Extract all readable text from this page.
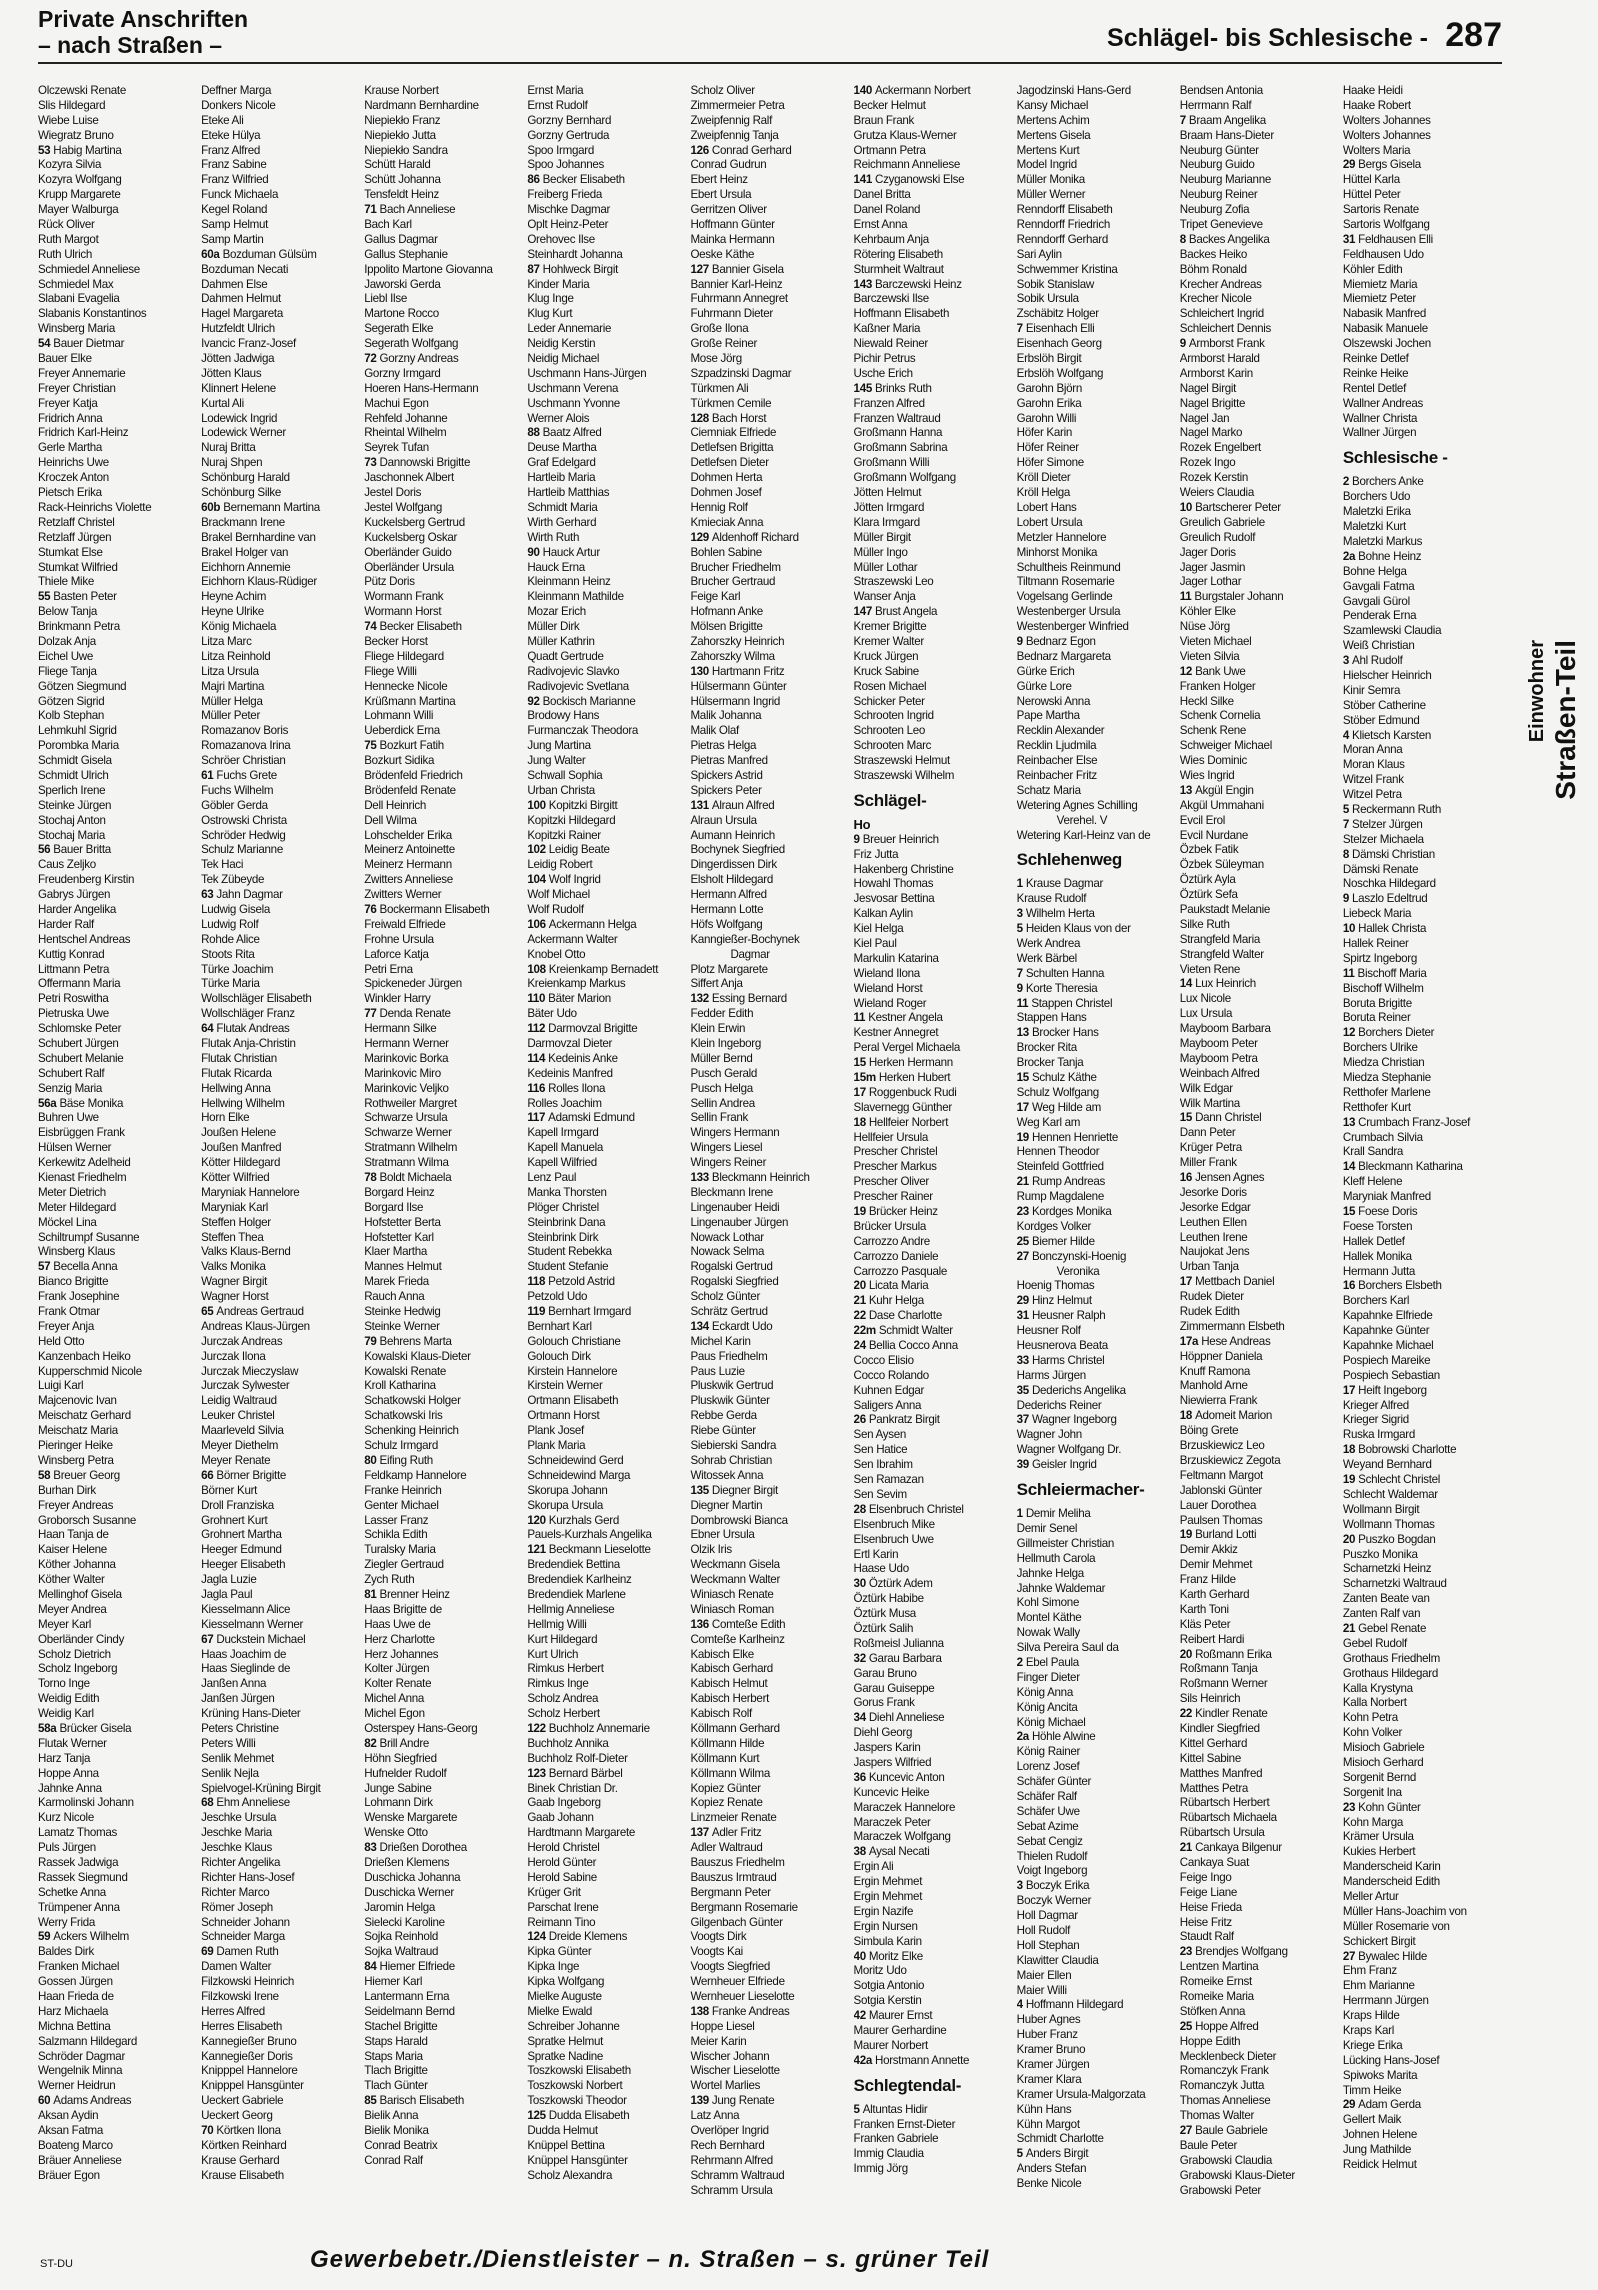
Private Anschriften
– nach Straßen –	Schlägel- bis Schlesische - 287
Olczewski Renate
Slis Hildegard
Wiebe Luise
Wiegratz Bruno
53 Habig Martina
Kozyra Silvia
Kozyra Wolfgang
Krupp Margarete
Mayer Walburga
Rück Oliver
Ruth Margot
Ruth Ulrich
Schmiedel Anneliese
Schmiedel Max
Slabani Evagelia
Slabanis Konstantinos
Winsberg Maria
54 Bauer Dietmar
Bauer Elke
Freyer Annemarie
Freyer Christian
Freyer Katja
Fridrich Anna
Fridrich Karl-Heinz
Gerle Martha
Heinrichs Uwe
Kroczek Anton
Pietsch Erika
Rack-Heinrichs Violette
Retzlaff Christel
Retzlaff Jürgen
Stumkat Else
Stumkat Wilfried
Thiele Mike
55 Basten Peter
Below Tanja
Brinkmann Petra
Dolzak Anja
Eichel Uwe
Fliege Tanja
Götzen Siegmund
Götzen Sigrid
Kolb Stephan
Lehmkuhl Sigrid
Porombka Maria
Schmidt Gisela
Schmidt Ulrich
Sperlich Irene
Steinke Jürgen
Stochaj Anton
Stochaj Maria
56 Bauer Britta
Caus Zeljko
Freudenberg Kirstin
Gabrys Jürgen
Harder Angelika
Harder Ralf
Hentschel Andreas
Kuttig Konrad
Littmann Petra
Offermann Maria
Petri Roswitha
Pietruska Uwe
Schlomske Peter
Schubert Jürgen
Schubert Melanie
Schubert Ralf
Senzig Maria
56a Bäse Monika
Buhren Uwe
Eisbrüggen Frank
Hülsen Werner
Kerkewitz Adelheid
Kienast Friedhelm
Meter Dietrich
Meter Hildegard
Möckel Lina
Schiltrumpf Susanne
Winsberg Klaus
57 Becella Anna
Bianco Brigitte
Frank Josephine
Frank Otmar
Freyer Anja
Held Otto
Kanzenbach Heiko
Kupperschmid Nicole
Luigi Karl
Majcenovic Ivan
Meischatz Gerhard
Meischatz Maria
Pieringer Heike
Winsberg Petra
58 Breuer Georg
Burhan Dirk
Freyer Andreas
Groborsch Susanne
Haan Tanja de
Kaiser Helene
Köther Johanna
Köther Walter
Mellinghof Gisela
Meyer Andrea
Meyer Karl
Oberländer Cindy
Scholz Dietrich
Scholz Ingeborg
Torno Inge
Weidig Edith
Weidig Karl
58a Brücker Gisela
Flutak Werner
Harz Tanja
Hoppe Anna
Jahnke Anna
Karmolinski Johann
Kurz Nicole
Lamatz Thomas
Puls Jürgen
Rassek Jadwiga
Rassek Siegmund
Schetke Anna
Trümpener Anna
Werry Frida
59 Ackers Wilhelm
Baldes Dirk
Franken Michael
Gossen Jürgen
Haan Frieda de
Harz Michaela
Michna Bettina
Salzmann Hildegard
Schröder Dagmar
Wengelnik Minna
Werner Heidrun
60 Adams Andreas
Aksan Aydin
Aksan Fatma
Boateng Marco
Bräuer Anneliese
Bräuer Egon
Deffner Marga
Donkers Nicole
Eteke Ali
Eteke Hülya
Franz Alfred
Franz Sabine
Franz Wilfried
Funck Michaela
Kegel Roland
Samp Helmut
Samp Martin
60a Bozduman Gülsüm
Bozduman Necati
Dahmen Else
Dahmen Helmut
Hagel Margareta
Hutzfeldt Ulrich
Ivancic Franz-Josef
Jötten Jadwiga
Jötten Klaus
Klinnert Helene
Kurtal Ali
Lodewick Ingrid
Lodewick Werner
Nuraj Britta
Nuraj Shpen
Schönburg Harald
Schönburg Silke
60b Bernemann Martina
Brackmann Irene
Brakel Bernhardine van
Brakel Holger van
Eichhorn Annemie
Eichhorn Klaus-Rüdiger
Heyne Achim
Heyne Ulrike
König Michaela
Litza Marc
Litza Reinhold
Litza Ursula
Majri Martina
Müller Helga
Müller Peter
Romazanov Boris
Romazanova Irina
Schröer Christian
61 Fuchs Grete
Fuchs Wilhelm
Göbler Gerda
Ostrowski Christa
Schröder Hedwig
Schulz Marianne
Tek Haci
Tek Zübeyde
63 Jahn Dagmar
Ludwig Gisela
Ludwig Rolf
Rohde Alice
Stoots Rita
Türke Joachim
Türke Maria
Wollschläger Elisabeth
Wollschläger Franz
64 Flutak Andreas
Flutak Anja-Christin
Flutak Christian
Flutak Ricarda
Hellwing Anna
Hellwing Wilhelm
Horn Elke
Joußen Helene
Joußen Manfred
Kötter Hildegard
Kötter Wilfried
Maryniak Hannelore
Maryniak Karl
Steffen Holger
Steffen Thea
Valks Klaus-Bernd
Valks Monika
Wagner Birgit
Wagner Horst
65 Andreas Gertraud
Andreas Klaus-Jürgen
Jurczak Andreas
Jurczak Ilona
Jurczak Mieczyslaw
Jurczak Sylwester
Leidig Waltraud
Leuker Christel
Maarleveld Silvia
Meyer Diethelm
Meyer Renate
66 Börner Brigitte
Börner Kurt
Droll Franziska
Grohnert Kurt
Grohnert Martha
Heeger Edmund
Heeger Elisabeth
Jagla Luzie
Jagla Paul
Kiesselmann Alice
Kiesselmann Werner
67 Duckstein Michael
Haas Joachim de
Haas Sieglinde de
Janßen Anna
Janßen Jürgen
Krüning Hans-Dieter
Peters Christine
Peters Willi
Senlik Mehmet
Senlik Nejla
Spielvogel-Krüning Birgit
68 Ehm Anneliese
Jeschke Ursula
Jeschke Maria
Jeschke Klaus
Richter Angelika
Richter Hans-Josef
Richter Marco
Römer Joseph
Schneider Johann
Schneider Marga
69 Damen Ruth
Damen Walter
Filzkowski Heinrich
Filzkowski Irene
Herres Alfred
Herres Elisabeth
Kannegießer Bruno
Kannegießer Doris
Knipppel Hannelore
Knipppel Hansgünter
Ueckert Gabriele
Ueckert Georg
70 Körtken Ilona
Körtken Reinhard
Krause Gerhard
Krause Elisabeth
Krause Norbert
Nardmann Bernhardine
Niepiekło Franz
Niepiekło Jutta
Niepiekło Sandra
Schütt Harald
Schütt Johanna
Tensfeldt Heinz
71 Bach Anneliese
Bach Karl
Gallus Dagmar
Gallus Stephanie
Ippolito Martone Giovanna
Jaworski Gerda
Liebl Ilse
Martone Rocco
Segerath Elke
Segerath Wolfgang
72 Gorzny Andreas
Gorzny Irmgard
Hoeren Hans-Hermann
Machui Egon
Rehfeld Johanne
Rheintal Wilhelm
Seyrek Tufan
73 Dannowski Brigitte
Jaschonnek Albert
Jestel Doris
Jestel Wolfgang
Kuckelsberg Gertrud
Kuckelsberg Oskar
Oberländer Guido
Oberländer Ursula
Pütz Doris
Wormann Frank
Wormann Horst
74 Becker Elisabeth
Becker Horst
Fliege Hildegard
Fliege Willi
Hennecke Nicole
Krüßmann Martina
Lohmann Willi
Ueberdick Erna
75 Bozkurt Fatih
Bozkurt Sidika
Brödenfeld Friedrich
Brödenfeld Renate
Dell Heinrich
Dell Wilma
Lohschelder Erika
Meinerz Antoinette
Meinerz Hermann
Zwitters Anneliese
Zwitters Werner
76 Bockermann Elisabeth
Freiwald Elfriede
Frohne Ursula
Laforce Katja
Petri Erna
Spickeneder Jürgen
Winkler Harry
77 Denda Renate
Hermann Silke
Hermann Werner
Marinkovic Borka
Marinkovic Miro
Marinkovic Veljko
Rothweiler Margret
Schwarze Ursula
Schwarze Werner
Stratmann Wilhelm
Stratmann Wilma
78 Boldt Michaela
Borgard Heinz
Borgard Ilse
Hofstetter Berta
Hofstetter Karl
Klaer Martha
Mannes Helmut
Marek Frieda
Rauch Anna
Steinke Hedwig
Steinke Werner
79 Behrens Marta
Kowalski Klaus-Dieter
Kowalski Renate
Kroll Katharina
Schatkowski Holger
Schatkowski Iris
Schenking Heinrich
Schulz Irmgard
80 Eifing Ruth
Feldkamp Hannelore
Franke Heinrich
Genter Michael
Lasser Franz
Schikla Edith
Turalsky Maria
Ziegler Gertraud
Zych Ruth
81 Brenner Heinz
Haas Brigitte de
Haas Uwe de
Herz Charlotte
Herz Johannes
Kolter Jürgen
Kolter Renate
Michel Anna
Michel Egon
Osterspey Hans-Georg
82 Brill Andre
Höhn Siegfried
Hufnelder Rudolf
Junge Sabine
Lohmann Dirk
Wenske Margarete
Wenske Otto
83 Drießen Dorothea
Drießen Klemens
Duschicka Johanna
Duschicka Werner
Jaromin Helga
Sielecki Karoline
Sojka Reinhold
Sojka Waltraud
84 Hiemer Elfriede
Hiemer Karl
Lantermann Erna
Seidelmann Bernd
Stachel Brigitte
Staps Harald
Staps Maria
Tlach Brigitte
Tlach Günter
85 Barisch Elisabeth
Bielik Anna
Bielik Monika
Conrad Beatrix
Conrad Ralf
Ernst Maria
Ernst Rudolf
Gorzny Bernhard
Gorzny Gertruda
Spoo Irmgard
Spoo Johannes
86 Becker Elisabeth
Freiberg Frieda
Mischke Dagmar
Oplt Heinz-Peter
Orehovec Ilse
Steinhardt Johanna
87 Hohlweck Birgit
Kinder Maria
Klug Inge
Klug Kurt
Leder Annemarie
Neidig Kerstin
Neidig Michael
Uschmann Hans-Jürgen
Uschmann Verena
Uschmann Yvonne
Werner Alois
88 Baatz Alfred
Deuse Martha
Graf Edelgard
Hartleib Maria
Hartleib Matthias
Schmidt Maria
Wirth Gerhard
Wirth Ruth
90 Hauck Artur
Hauck Erna
Kleinmann Heinz
Kleinmann Mathilde
Mozar Erich
Müller Dirk
Müller Kathrin
Quadt Gertrude
Radivojevic Slavko
Radivojevic Svetlana
92 Bockisch Marianne
Brodowy Hans
Furmanczak Theodora
Jung Martina
Jung Walter
Schwall Sophia
Urban Christa
100 Kopitzki Birgitt
Kopitzki Hildegard
Kopitzki Rainer
102 Leidig Beate
Leidig Robert
104 Wolf Ingrid
Wolf Michael
Wolf Rudolf
106 Ackermann Helga
Ackermann Walter
Knobel Otto
108 Kreienkamp Bernadett
Kreienkamp Markus
110 Bäter Marion
Bäter Udo
112 Darmovzal Brigitte
Darmovzal Dieter
114 Kedeinis Anke
Kedeinis Manfred
116 Rolles Ilona
Rolles Joachim
117 Adamski Edmund
Kapell Irmgard
Kapell Manuela
Kapell Wilfried
Lenz Paul
Manka Thorsten
Plöger Christel
Steinbrink Dana
Steinbrink Dirk
Student Rebekka
Student Stefanie
118 Petzold Astrid
Petzold Udo
119 Bernhart Irmgard
Bernhart Karl
Golouch Christiane
Golouch Dirk
Kirstein Hannelore
Kirstein Werner
Ortmann Elisabeth
Ortmann Horst
Plank Josef
Plank Maria
Schneidewind Gerd
Schneidewind Marga
Skorupa Johann
Skorupa Ursula
120 Kurzhals Gerd
Pauels-Kurzhals Angelika
121 Beckmann Lieselotte
Bredendiek Bettina
Bredendiek Karlheinz
Bredendiek Marlene
Hellmig Anneliese
Hellmig Willi
Kurt Hildegard
Kurt Ulrich
Rimkus Herbert
Rimkus Inge
Scholz Andrea
Scholz Herbert
122 Buchholz Annemarie
Buchholz Annika
Buchholz Rolf-Dieter
123 Bernard Bärbel
Binek Christian Dr.
Gaab Ingeborg
Gaab Johann
Hardtmann Margarete
Herold Christel
Herold Günter
Herold Sabine
Krüger Grit
Parschat Irene
Reimann Tino
124 Dreide Klemens
Kipka Günter
Kipka Inge
Kipka Wolfgang
Mielke Auguste
Mielke Ewald
Schreiber Johanne
Spratke Helmut
Spratke Nadine
Toszkowski Elisabeth
Toszkowski Norbert
Toszkowski Theodor
125 Dudda Elisabeth
Dudda Helmut
Knüppel Bettina
Knüppel Hansgünter
Scholz Alexandra
Scholz Oliver
Zimmermeier Petra
Zweipfennig Ralf
Zweipfennig Tanja
126 Conrad Gerhard
Conrad Gudrun
Ebert Heinz
Ebert Ursula
Gerritzen Oliver
Hoffmann Günter
Mainka Hermann
Oeske Käthe
127 Bannier Gisela
Bannier Karl-Heinz
Fuhrmann Annegret
Fuhrmann Dieter
Große Ilona
Große Reiner
Mose Jörg
Szpadzinski Dagmar
Türkmen Ali
Türkmen Cemile
128 Bach Horst
Ciemniak Elfriede
Detlefsen Brigitta
Detlefsen Dieter
Dohmen Herta
Dohmen Josef
Hennig Rolf
Kmieciak Anna
129 Aldenhoff Richard
Bohlen Sabine
Brucher Friedhelm
Brucher Gertraud
Feige Karl
Hofmann Anke
Mölsen Brigitte
Zahorszky Heinrich
Zahorszky Wilma
130 Hartmann Fritz
Hülsermann Günter
Hülsermann Ingrid
Malik Johanna
Malik Olaf
Pietras Helga
Pietras Manfred
Spickers Astrid
Spickers Peter
131 Alraun Alfred
Alraun Ursula
Aumann Heinrich
Bochynek Siegfried
Dingerdissen Dirk
Elsholt Hildegard
Hermann Alfred
Hermann Lotte
Höfs Wolfgang
Kanngießer-Bochynek
Dagmar
Plotz Margarete
Siffert Anja
132 Essing Bernard
Fedder Edith
Klein Erwin
Klein Ingeborg
Müller Bernd
Pusch Gerald
Pusch Helga
Sellin Andrea
Sellin Frank
Wingers Hermann
Wingers Liesel
Wingers Reiner
133 Bleckmann Heinrich
Bleckmann Irene
Lingenauber Heidi
Lingenauber Jürgen
Nowack Lothar
Nowack Selma
Rogalski Gertrud
Rogalski Siegfried
Scholz Günter
Schrätz Gertrud
134 Eckardt Udo
Michel Karin
Paus Friedhelm
Paus Luzie
Pluskwik Gertrud
Pluskwik Günter
Rebbe Gerda
Riebe Günter
Siebierski Sandra
Sohrab Christian
Witossek Anna
135 Diegner Birgit
Diegner Martin
Dombrowski Bianca
Ebner Ursula
Olzik Iris
Weckmann Gisela
Weckmann Walter
Winiasch Renate
Winiasch Roman
136 Comteße Edith
Comteße Karlheinz
Kabisch Elke
Kabisch Gerhard
Kabisch Helmut
Kabisch Herbert
Kabisch Rolf
Köllmann Gerhard
Köllmann Hilde
Köllmann Kurt
Köllmann Wilma
Kopiez Günter
Kopiez Renate
Linzmeier Renate
137 Adler Fritz
Adler Waltraud
Bauszus Friedhelm
Bauszus Irmtraud
Bergmann Peter
Bergmann Rosemarie
Gilgenbach Günter
Voogts Dirk
Voogts Kai
Voogts Siegfried
Wernheuer Elfriede
Wernheuer Lieselotte
138 Franke Andreas
Hoppe Liesel
Meier Karin
Wischer Johann
Wischer Lieselotte
Wortel Marlies
139 Jung Renate
Latz Anna
Overlöper Ingrid
Rech Bernhard
Rehrmann Alfred
Schramm Waltraud
Schramm Ursula
140 Ackermann Norbert
Becker Helmut
Braun Frank
Grutza Klaus-Werner
Ortmann Petra
Reichmann Anneliese
141 Czyganowski Else
Danel Britta
Danel Roland
Ernst Anna
Kehrbaum Anja
Rötering Elisabeth
Sturmheit Waltraut
143 Barczewski Heinz
Barczewski Ilse
Hoffmann Elisabeth
Kaßner Maria
Niewald Reiner
Pichir Petrus
Usche Erich
145 Brinks Ruth
Franzen Alfred
Franzen Waltraud
Großmann Hanna
Großmann Sabrina
Großmann Willi
Großmann Wolfgang
Jötten Helmut
Jötten Irmgard
Klara Irmgard
Müller Birgit
Müller Ingo
Müller Lothar
Straszewski Leo
Wanser Anja
147 Brust Angela
Kremer Brigitte
Kremer Walter
Kruck Jürgen
Kruck Sabine
Rosen Michael
Schicker Peter
Schrooten Ingrid
Schrooten Leo
Schrooten Marc
Straszewski Helmut
Straszewski Wilhelm
Schlägel-
Ho
9 Breuer Heinrich
Friz Jutta
Hakenberg Christine
Howahl Thomas
Jesvosar Bettina
Kalkan Aylin
Kiel Helga
Kiel Paul
Markulin Katarina
Wieland Ilona
Wieland Horst
Wieland Roger
11 Kestner Angela
Kestner Annegret
Peral Vergel Michaela
15 Herken Hermann
15m Herken Hubert
17 Roggenbuck Rudi
Slavernegg Günther
18 Hellfeier Norbert
Hellfeier Ursula
Prescher Christel
Prescher Markus
Prescher Oliver
Prescher Rainer
19 Brücker Heinz
Brücker Ursula
Carrozzo Andre
Carrozzo Daniele
Carrozzo Pasquale
20 Licata Maria
21 Kuhr Helga
22 Dase Charlotte
22m Schmidt Walter
24 Bellia Cocco Anna
Cocco Elisio
Cocco Rolando
Kuhnen Edgar
Saligers Anna
26 Pankratz Birgit
Sen Aysen
Sen Hatice
Sen Ibrahim
Sen Ramazan
Sen Sevim
28 Elsenbruch Christel
Elsenbruch Mike
Elsenbruch Uwe
Ertl Karin
Haase Udo
30 Öztürk Adem
Öztürk Habibe
Öztürk Musa
Öztürk Salih
Roßmeisl Julianna
32 Garau Barbara
Garau Bruno
Garau Guiseppe
Gorus Frank
34 Diehl Anneliese
Diehl Georg
Jaspers Karin
Jaspers Wilfried
36 Kuncevic Anton
Kuncevic Heike
Maraczek Hannelore
Maraczek Peter
Maraczek Wolfgang
38 Aysal Necati
Ergin Ali
Ergin Mehmet
Ergin Mehmet
Ergin Nazife
Ergin Nursen
Simbula Karin
40 Moritz Elke
Moritz Udo
Sotgia Antonio
Sotgia Kerstin
42 Maurer Ernst
Maurer Gerhardine
Maurer Norbert
42a Horstmann Annette
Schlegtendal-
5 Altuntas Hidir
Franken Ernst-Dieter
Franken Gabriele
Immig Claudia
Immig Jörg
Jagodzinski Hans-Gerd
Kansy Michael
Mertens Achim
Mertens Gisela
Mertens Kurt
Model Ingrid
Müller Monika
Müller Werner
Renndorff Elisabeth
Renndorff Friedrich
Renndorff Gerhard
Sari Aylin
Schwemmer Kristina
Sobik Stanislaw
Sobik Ursula
Zschäbitz Holger
7 Eisenhach Elli
Eisenhach Georg
Erbslöh Birgit
Erbslöh Wolfgang
Garohn Björn
Garohn Erika
Garohn Willi
Höfer Karin
Höfer Reiner
Höfer Simone
Kröll Dieter
Kröll Helga
Lobert Hans
Lobert Ursula
Metzler Hannelore
Minhorst Monika
Schultheis Reinmund
Tiltmann Rosemarie
Vogelsang Gerlinde
Westenberger Ursula
Westenberger Winfried
9 Bednarz Egon
Bednarz Margareta
Gürke Erich
Gürke Lore
Nerowski Anna
Pape Martha
Recklin Alexander
Recklin Ljudmila
Reinbacher Else
Reinbacher Fritz
Schatz Maria
Wetering Agnes Schilling
Verehel. V
Wetering Karl-Heinz van de
Schlehenweg
1 Krause Dagmar
Krause Rudolf
3 Wilhelm Herta
5 Heiden Klaus von der
Werk Andrea
Werk Bärbel
7 Schulten Hanna
9 Korte Theresia
11 Stappen Christel
Stappen Hans
13 Brocker Hans
Brocker Rita
Brocker Tanja
15 Schulz Käthe
Schulz Wolfgang
17 Weg Hilde am
Weg Karl am
19 Hennen Henriette
Hennen Theodor
Steinfeld Gottfried
21 Rump Andreas
Rump Magdalene
23 Kordges Monika
Kordges Volker
25 Biemer Hilde
27 Bonczynski-Hoenig
Veronika
Hoenig Thomas
29 Hinz Helmut
31 Heusner Ralph
Heusner Rolf
Heusnerova Beata
33 Harms Christel
Harms Jürgen
35 Dederichs Angelika
Dederichs Reiner
37 Wagner Ingeborg
Wagner John
Wagner Wolfgang Dr.
39 Geisler Ingrid
Schleiermacher-
1 Demir Meliha
Demir Senel
Gillmeister Christian
Hellmuth Carola
Jahnke Helga
Jahnke Waldemar
Kohl Simone
Montel Käthe
Nowak Wally
Silva Pereira Saul da
2 Ebel Paula
Finger Dieter
König Anna
König Ancita
König Michael
2a Höhle Alwine
König Rainer
Lorenz Josef
Schäfer Günter
Schäfer Ralf
Schäfer Uwe
Sebat Azime
Sebat Cengiz
Thielen Rudolf
Voigt Ingeborg
3 Boczyk Erika
Boczyk Werner
Holl Dagmar
Holl Rudolf
Holl Stephan
Klawitter Claudia
Maier Ellen
Maier Willi
4 Hoffmann Hildegard
Huber Agnes
Huber Franz
Kramer Bruno
Kramer Jürgen
Kramer Klara
Kramer Ursula-Malgorzata
Kühn Hans
Kühn Margot
Schmidt Charlotte
5 Anders Birgit
Anders Stefan
Benke Nicole
Bendsen Antonia
Herrmann Ralf
7 Braam Angelika
Braam Hans-Dieter
Neuburg Günter
Neuburg Guido
Neuburg Marianne
Neuburg Reiner
Neuburg Zofia
Tripet Genevieve
8 Backes Angelika
Backes Heiko
Böhm Ronald
Krecher Andreas
Krecher Nicole
Schleichert Ingrid
Schleichert Dennis
9 Armborst Frank
Armborst Harald
Armborst Karin
Nagel Birgit
Nagel Brigitte
Nagel Jan
Nagel Marko
Rozek Engelbert
Rozek Ingo
Rozek Kerstin
Weiers Claudia
10 Bartscherer Peter
Greulich Gabriele
Greulich Rudolf
Jager Doris
Jager Jasmin
Jager Lothar
11 Burgstaler Johann
Köhler Elke
Nüse Jörg
Vieten Michael
Vieten Silvia
12 Bank Uwe
Franken Holger
Heckl Silke
Schenk Cornelia
Schenk Rene
Schweiger Michael
Wies Dominic
Wies Ingrid
13 Akgül Engin
Akgül Ummahani
Evcil Erol
Evcil Nurdane
Özbek Fatik
Özbek Süleyman
Öztürk Ayla
Öztürk Sefa
Paukstadt Melanie
Silke Ruth
Strangfeld Maria
Strangfeld Walter
Vieten Rene
14 Lux Heinrich
Lux Nicole
Lux Ursula
Mayboom Barbara
Mayboom Peter
Mayboom Petra
Weinbach Alfred
Wilk Edgar
Wilk Martina
15 Dann Christel
Dann Peter
Krüger Petra
Miller Frank
16 Jensen Agnes
Jesorke Doris
Jesorke Edgar
Leuthen Ellen
Leuthen Irene
Naujokat Jens
Urban Tanja
17 Mettbach Daniel
Rudek Dieter
Rudek Edith
Zimmermann Elsbeth
17a Hese Andreas
Höppner Daniela
Knuff Ramona
Manhold Arne
Niewierra Frank
18 Adomeit Marion
Böing Grete
Brzuskiewicz Leo
Brzuskiewicz Zegota
Feltmann Margot
Jablonski Günter
Lauer Dorothea
Paulsen Thomas
19 Burland Lotti
Demir Akkiz
Demir Mehmet
Franz Hilde
Karth Gerhard
Karth Toni
Kläs Peter
Reibert Hardi
20 Roßmann Erika
Roßmann Tanja
Roßmann Werner
Sils Heinrich
22 Kindler Renate
Kindler Siegfried
Kittel Gerhard
Kittel Sabine
Matthes Manfred
Matthes Petra
Rübartsch Herbert
Rübartsch Michaela
Rübartsch Ursula
21 Cankaya Bilgenur
Cankaya Suat
Feige Ingo
Feige Liane
Heise Frieda
Heise Fritz
Staudt Ralf
23 Brendjes Wolfgang
Lentzen Martina
Romeike Ernst
Romeike Maria
Stöfken Anna
25 Hoppe Alfred
Hoppe Edith
Mecklenbeck Dieter
Romanczyk Frank
Romanczyk Jutta
Thomas Anneliese
Thomas Walter
27 Baule Gabriele
Baule Peter
Grabowski Claudia
Grabowski Klaus-Dieter
Grabowski Peter
Haake Heidi
Haake Robert
Wolters Johannes
Wolters Johannes
Wolters Maria
29 Bergs Gisela
Hüttel Karla
Hüttel Peter
Sartoris Renate
Sartoris Wolfgang
31 Feldhausen Elli
Feldhausen Udo
Köhler Edith
Miemietz Maria
Miemietz Peter
Nabasik Manfred
Nabasik Manuele
Olszewski Jochen
Reinke Detlef
Reinke Heike
Rentel Detlef
Wallner Andreas
Wallner Christa
Wallner Jürgen
Schlesische -
2 Borchers Anke
Borchers Udo
Maletzki Erika
Maletzki Kurt
Maletzki Markus
2a Bohne Heinz
Bohne Helga
Gavgali Fatma
Gavgali Gürol
Penderak Erna
Szamlewski Claudia
Weiß Christian
3 Ahl Rudolf
Hielscher Heinrich
Kinir Semra
Stöber Catherine
Stöber Edmund
4 Klietsch Karsten
Moran Anna
Moran Klaus
Witzel Frank
Witzel Petra
5 Reckermann Ruth
7 Stelzer Jürgen
Stelzer Michaela
8 Dämski Christian
Dämski Renate
Noschka Hildegard
9 Laszlo Edeltrud
Liebeck Maria
10 Hallek Christa
Hallek Reiner
Spirtz Ingeborg
11 Bischoff Maria
Bischoff Wilhelm
Boruta Brigitte
Boruta Reiner
12 Borchers Dieter
Borchers Ulrike
Miedza Christian
Miedza Stephanie
Retthofer Marlene
Retthofer Kurt
13 Crumbach Franz-Josef
Crumbach Silvia
Krall Sandra
14 Bleckmann Katharina
Kleff Helene
Maryniak Manfred
15 Foese Doris
Foese Torsten
Hallek Detlef
Hallek Monika
Hermann Jutta
16 Borchers Elsbeth
Borchers Karl
Kapahnke Elfriede
Kapahnke Günter
Kapahnke Michael
Pospiech Mareike
Pospiech Sebastian
17 Heift Ingeborg
Krieger Alfred
Krieger Sigrid
Ruska Irmgard
18 Bobrowski Charlotte
Weyand Bernhard
19 Schlecht Christel
Schlecht Waldemar
Wollmann Birgit
Wollmann Thomas
20 Puszko Bogdan
Puszko Monika
Scharnetzki Heinz
Scharnetzki Waltraud
Zanten Beate van
Zanten Ralf van
21 Gebel Renate
Gebel Rudolf
Grothaus Friedhelm
Grothaus Hildegard
Kalla Krystyna
Kalla Norbert
Kohn Petra
Kohn Volker
Misioch Gabriele
Misioch Gerhard
Sorgenit Bernd
Sorgenit Ina
23 Kohn Günter
Kohn Marga
Krämer Ursula
Kukies Herbert
Manderscheid Karin
Manderscheid Edith
Meller Artur
Müller Hans-Joachim von
Müller Rosemarie von
Schickert Birgit
27 Bywalec Hilde
Ehm Franz
Ehm Marianne
Herrmann Jürgen
Kraps Hilde
Kraps Karl
Kriege Erika
Lücking Hans-Josef
Spiwoks Marita
Timm Heike
29 Adam Gerda
Gellert Maik
Johnen Helene
Jung Mathilde
Reidick Helmut
Einwohner Straßen-Teil
ST-DU	Gewerbebetr./Dienstleister – n. Straßen – s. grüner Teil
